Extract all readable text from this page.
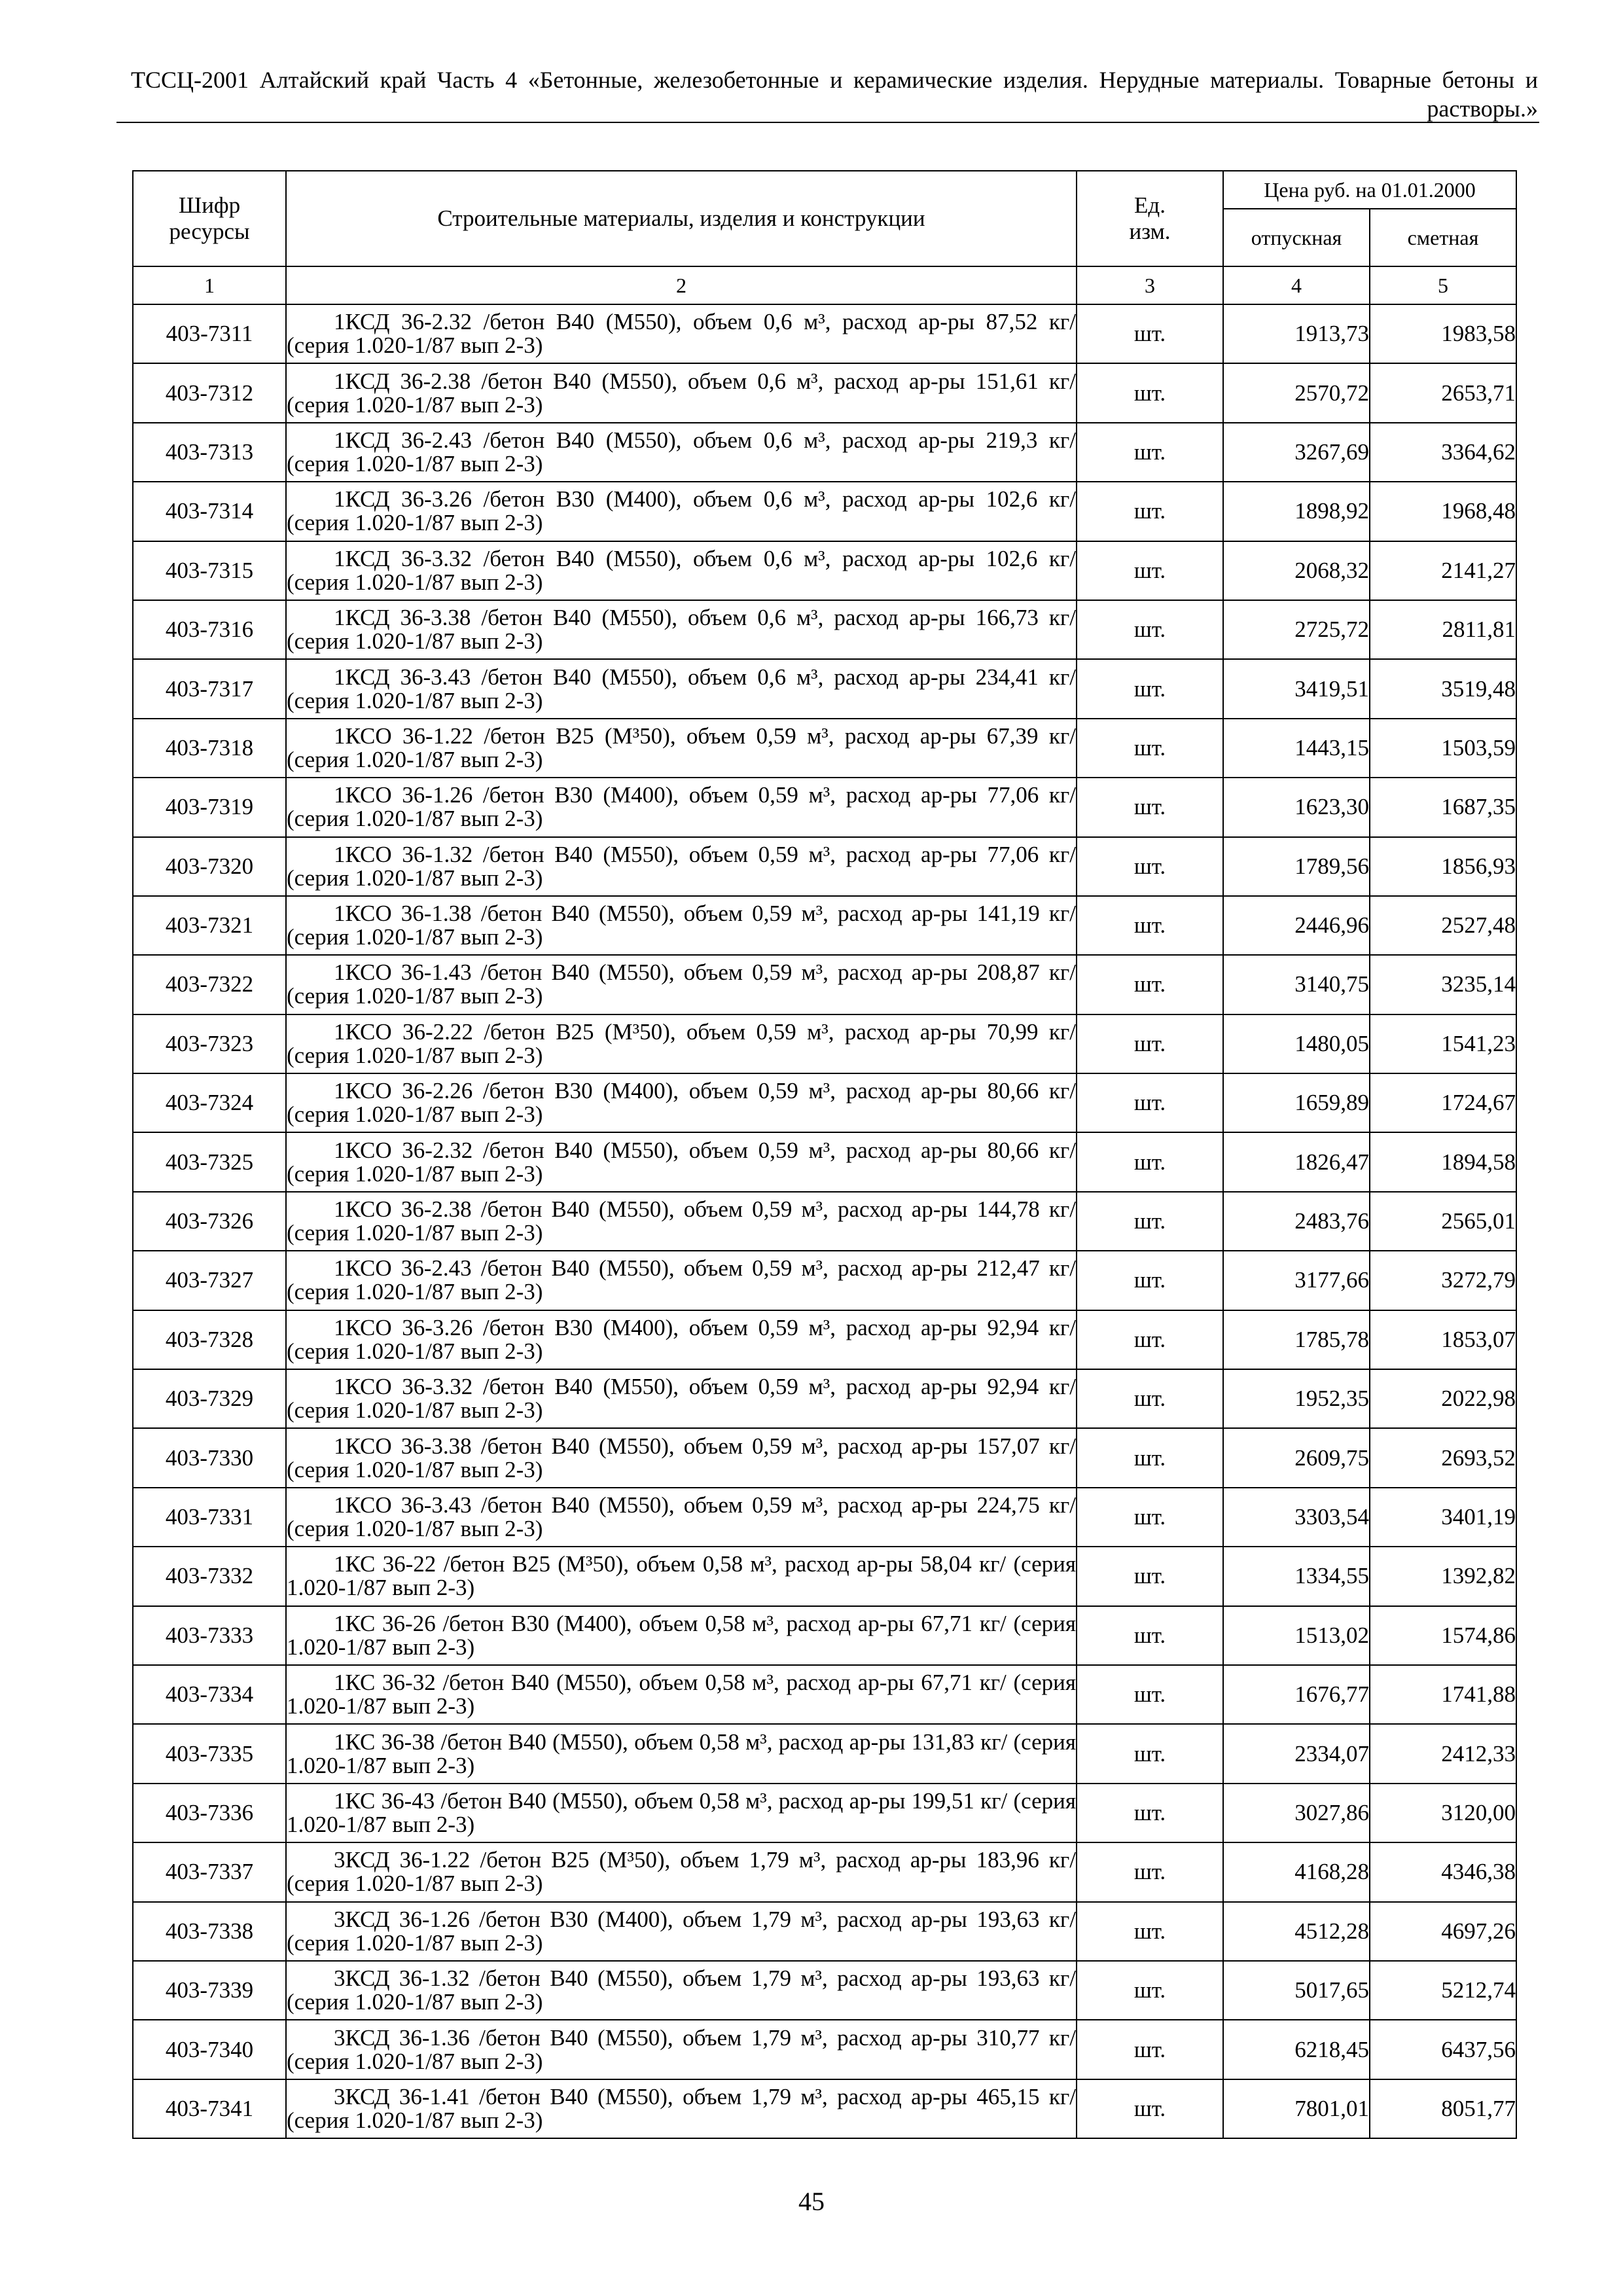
ТССЦ-2001 Алтайский край Часть 4 «Бетонные, железобетонные и керамические изделия. Нерудные материалы. Товарные бетоны и растворы.»
Шифр ресурсы	Строительные материалы, изделия и конструкции	Ед. изм.	Цена руб. на 01.01.2000	
			отпускная	сметная
1	2	3	4	5
403-7311	1КСД 36-2.32 /бетон В40 (М550), объем 0,6 м³, расход ар-ры 87,52 кг/ (серия 1.020-1/87 вып 2-3)	шт.	1913,73	1983,58
403-7312	1КСД 36-2.38 /бетон В40 (М550), объем 0,6 м³, расход ар-ры 151,61 кг/ (серия 1.020-1/87 вып 2-3)	шт.	2570,72	2653,71
403-7313	1КСД 36-2.43 /бетон В40 (М550), объем 0,6 м³, расход ар-ры 219,3 кг/ (серия 1.020-1/87 вып 2-3)	шт.	3267,69	3364,62
403-7314	1КСД 36-3.26 /бетон В30 (М400), объем 0,6 м³, расход ар-ры 102,6 кг/ (серия 1.020-1/87 вып 2-3)	шт.	1898,92	1968,48
403-7315	1КСД 36-3.32 /бетон В40 (М550), объем 0,6 м³, расход ар-ры 102,6 кг/ (серия 1.020-1/87 вып 2-3)	шт.	2068,32	2141,27
403-7316	1КСД 36-3.38 /бетон В40 (М550), объем 0,6 м³, расход ар-ры 166,73 кг/ (серия 1.020-1/87 вып 2-3)	шт.	2725,72	2811,81
403-7317	1КСД 36-3.43 /бетон В40 (М550), объем 0,6 м³, расход ар-ры 234,41 кг/ (серия 1.020-1/87 вып 2-3)	шт.	3419,51	3519,48
403-7318	1КСО 36-1.22 /бетон В25 (М³50), объем 0,59 м³, расход ар-ры 67,39 кг/ (серия 1.020-1/87 вып 2-3)	шт.	1443,15	1503,59
403-7319	1КСО 36-1.26 /бетон В30 (М400), объем 0,59 м³, расход ар-ры 77,06 кг/ (серия 1.020-1/87 вып 2-3)	шт.	1623,30	1687,35
403-7320	1КСО 36-1.32 /бетон В40 (М550), объем 0,59 м³, расход ар-ры 77,06 кг/ (серия 1.020-1/87 вып 2-3)	шт.	1789,56	1856,93
403-7321	1КСО 36-1.38 /бетон В40 (М550), объем 0,59 м³, расход ар-ры 141,19 кг/ (серия 1.020-1/87 вып 2-3)	шт.	2446,96	2527,48
403-7322	1КСО 36-1.43 /бетон В40 (М550), объем 0,59 м³, расход ар-ры 208,87 кг/ (серия 1.020-1/87 вып 2-3)	шт.	3140,75	3235,14
403-7323	1КСО 36-2.22 /бетон В25 (М³50), объем 0,59 м³, расход ар-ры 70,99 кг/ (серия 1.020-1/87 вып 2-3)	шт.	1480,05	1541,23
403-7324	1КСО 36-2.26 /бетон В30 (М400), объем 0,59 м³, расход ар-ры 80,66 кг/ (серия 1.020-1/87 вып 2-3)	шт.	1659,89	1724,67
403-7325	1КСО 36-2.32 /бетон В40 (М550), объем 0,59 м³, расход ар-ры 80,66 кг/ (серия 1.020-1/87 вып 2-3)	шт.	1826,47	1894,58
403-7326	1КСО 36-2.38 /бетон В40 (М550), объем 0,59 м³, расход ар-ры 144,78 кг/ (серия 1.020-1/87 вып 2-3)	шт.	2483,76	2565,01
403-7327	1КСО 36-2.43 /бетон В40 (М550), объем 0,59 м³, расход ар-ры 212,47 кг/ (серия 1.020-1/87 вып 2-3)	шт.	3177,66	3272,79
403-7328	1КСО 36-3.26 /бетон В30 (М400), объем 0,59 м³, расход ар-ры 92,94 кг/ (серия 1.020-1/87 вып 2-3)	шт.	1785,78	1853,07
403-7329	1КСО 36-3.32 /бетон В40 (М550), объем 0,59 м³, расход ар-ры 92,94 кг/ (серия 1.020-1/87 вып 2-3)	шт.	1952,35	2022,98
403-7330	1КСО 36-3.38 /бетон В40 (М550), объем 0,59 м³, расход ар-ры 157,07 кг/ (серия 1.020-1/87 вып 2-3)	шт.	2609,75	2693,52
403-7331	1КСО 36-3.43 /бетон В40 (М550), объем 0,59 м³, расход ар-ры 224,75 кг/ (серия 1.020-1/87 вып 2-3)	шт.	3303,54	3401,19
403-7332	1КС 36-22 /бетон В25 (М³50), объем 0,58 м³, расход ар-ры 58,04 кг/ (серия 1.020-1/87 вып 2-3)	шт.	1334,55	1392,82
403-7333	1КС 36-26 /бетон В30 (М400), объем 0,58 м³, расход ар-ры 67,71 кг/ (серия 1.020-1/87 вып 2-3)	шт.	1513,02	1574,86
403-7334	1КС 36-32 /бетон В40 (М550), объем 0,58 м³, расход ар-ры 67,71 кг/ (серия 1.020-1/87 вып 2-3)	шт.	1676,77	1741,88
403-7335	1КС 36-38 /бетон В40 (М550), объем 0,58 м³, расход ар-ры 131,83 кг/ (серия 1.020-1/87 вып 2-3)	шт.	2334,07	2412,33
403-7336	1КС 36-43 /бетон В40 (М550), объем 0,58 м³, расход ар-ры 199,51 кг/ (серия 1.020-1/87 вып 2-3)	шт.	3027,86	3120,00
403-7337	3КСД 36-1.22 /бетон В25 (М³50), объем 1,79 м³, расход ар-ры 183,96 кг/ (серия 1.020-1/87 вып 2-3)	шт.	4168,28	4346,38
403-7338	3КСД 36-1.26 /бетон В30 (М400), объем 1,79 м³, расход ар-ры 193,63 кг/ (серия 1.020-1/87 вып 2-3)	шт.	4512,28	4697,26
403-7339	3КСД 36-1.32 /бетон В40 (М550), объем 1,79 м³, расход ар-ры 193,63 кг/ (серия 1.020-1/87 вып 2-3)	шт.	5017,65	5212,74
403-7340	3КСД 36-1.36 /бетон В40 (М550), объем 1,79 м³, расход ар-ры 310,77 кг/ (серия 1.020-1/87 вып 2-3)	шт.	6218,45	6437,56
403-7341	3КСД 36-1.41 /бетон В40 (М550), объем 1,79 м³, расход ар-ры 465,15 кг/ (серия 1.020-1/87 вып 2-3)	шт.	7801,01	8051,77
45
